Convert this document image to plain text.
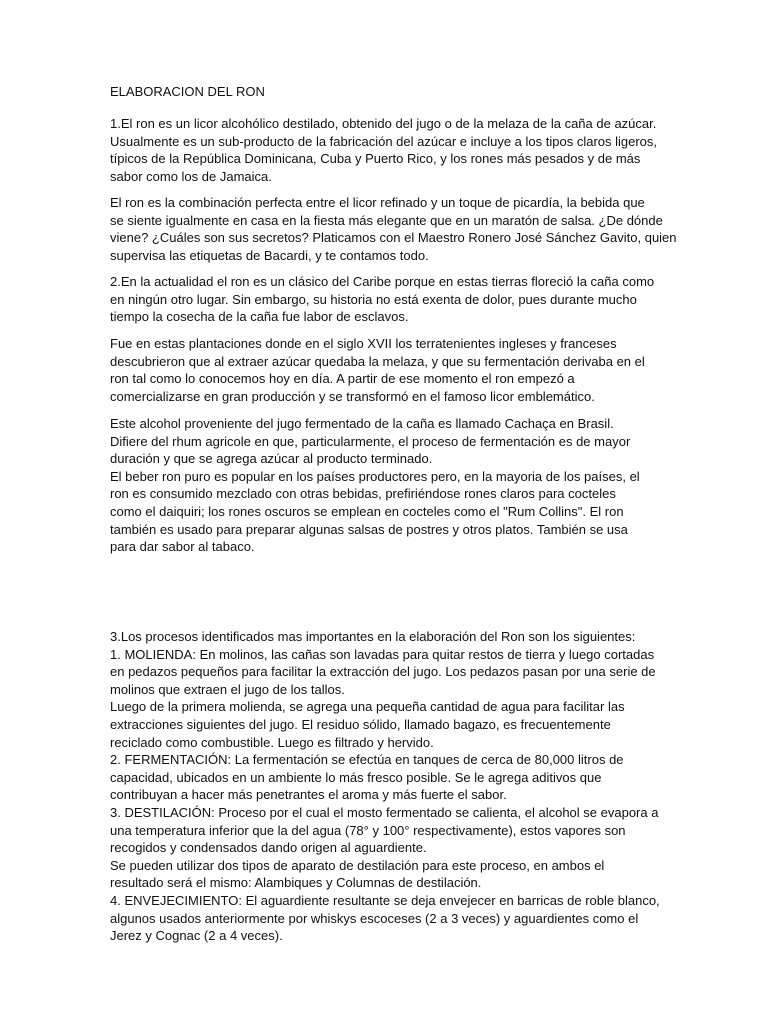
ELABORACION DEL RON
1.El ron es un licor alcohólico destilado, obtenido del jugo o de la melaza de la caña de azúcar.
Usualmente es un sub-producto de la fabricación del azúcar e incluye a los tipos claros ligeros,
típicos de la República Dominicana, Cuba y Puerto Rico, y los rones más pesados y de más
sabor como los de Jamaica.
El ron es la combinación perfecta entre el licor refinado y un toque de picardía, la bebida que
se siente igualmente en casa en la fiesta más elegante que en un maratón de salsa. ¿De dónde
viene? ¿Cuáles son sus secretos? Platicamos con el Maestro Ronero José Sánchez Gavito, quien
supervisa las etiquetas de Bacardi, y te contamos todo.
2.En la actualidad el ron es un clásico del Caribe porque en estas tierras floreció la caña como
en ningún otro lugar. Sin embargo, su historia no está exenta de dolor, pues durante mucho
tiempo la cosecha de la caña fue labor de esclavos.
Fue en estas plantaciones donde en el siglo XVII los terratenientes ingleses y franceses
descubrieron que al extraer azúcar quedaba la melaza, y que su fermentación derivaba en el
ron tal como lo conocemos hoy en día. A partir de ese momento el ron empezó a
comercializarse en gran producción y se transformó en el famoso licor emblemático.
Este alcohol proveniente del jugo fermentado de la caña es llamado Cachaça en Brasil.
Difiere del rhum agricole en que, particularmente, el proceso de fermentación es de mayor
duración y que se agrega azúcar al producto terminado.
El beber ron puro es popular en los países productores pero, en la mayoria de los países, el
ron es consumido mezclado con otras bebidas, prefiriéndose rones claros para cocteles
como el daiquiri; los rones oscuros se emplean en cocteles como el "Rum Collins". El ron
también es usado para preparar algunas salsas de postres y otros platos. También se usa
para dar sabor al tabaco.
3.Los procesos identificados mas importantes en la elaboración del Ron son los siguientes:
1. MOLIENDA: En molinos, las cañas son lavadas para quitar restos de tierra y luego cortadas
en pedazos pequeños para facilitar la extracción del jugo. Los pedazos pasan por una serie de
molinos que extraen el jugo de los tallos.
Luego de la primera molienda, se agrega una pequeña cantidad de agua para facilitar las
extracciones siguientes del jugo. El residuo sólido, llamado bagazo, es frecuentemente
reciclado como combustible. Luego es filtrado y hervido.
2. FERMENTACIÓN: La fermentación se efectúa en tanques de cerca de 80,000 litros de
capacidad, ubicados en un ambiente lo más fresco posible. Se le agrega aditivos que
contribuyan a hacer más penetrantes el aroma y más fuerte el sabor.
3. DESTILACIÓN: Proceso por el cual el mosto fermentado se calienta, el alcohol se evapora a
una temperatura inferior que la del agua (78° y 100° respectivamente), estos vapores son
recogidos y condensados dando origen al aguardiente.
Se pueden utilizar dos tipos de aparato de destilación para este proceso, en ambos el
resultado será el mismo: Alambiques y Columnas de destilación.
4. ENVEJECIMIENTO: El aguardiente resultante se deja envejecer en barricas de roble blanco,
algunos usados anteriormente por whiskys escoceses (2 a 3 veces) y aguardientes como el
Jerez y Cognac (2 a 4 veces).
